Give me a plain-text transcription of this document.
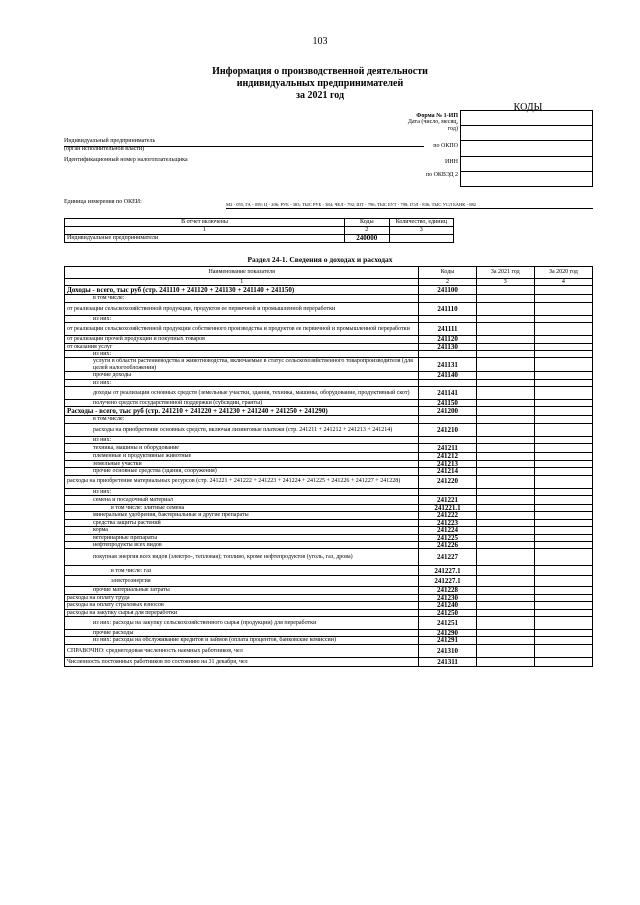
103
Информация о производственной деятельности
индивидуальных предпринимателей
за 2021 год
КОДЫ
Форма № 1-ИП
Дата (число, месяц, год)
по ОКПО
ИНН
по ОКВЭД 2

Индивидуальный предприниматель
(орган исполнительной власти)
Идентификационный номер налогоплательщика
Единица измерения по ОКЕИ:	М2 - 055, ГА - 059; Ц - 206; РУБ - 383; ТЫС РУБ - 384; ЧЕЛ - 792; ШТ - 796; ТЫС БУТ - 798; ГОЛ - 836; ТЫС УСЛ БАНК - 882
В отчет включены	Коды	Количество, единиц
1	2	3
Индивидуальные предприниматели	240000	
Раздел 24-1. Сведения о доходах и расходах
Наименование показателя	Коды	За 2021 год	За 2020 год
1	2	3	4
Доходы - всего, тыс руб (стр. 241110 + 241120 + 241130 + 241140 + 241150)	241100		
в том числе:			
от реализации сельскохозяйственной продукции, продуктов ее первичной и промышленной переработки	241110		
из них:			
от реализации сельскохозяйственной продукции собственного производства и продуктов ее первичной и промышленной переработки	241111		
от реализации прочей продукции и покупных товаров	241120		
от оказания услуг	241130		
из них:			
услуги в области растениеводства и животноводства, включаемые в статус сельскохозяйственного товаропроизводителя (для целей налогообложения)	241131		
прочие доходы	241140		
из них:			
доходы от реализации основных средств (земельные участки, здания, техника, машины, оборудование, продуктивный скот)	241141		
получено средств государственной поддержки (субсидии, гранты)	241150		
Расходы - всего, тыс руб (стр. 241210 + 241220 + 241230 + 241240 + 241250 + 241290)	241200		
в том числе:			
расходы на приобретение основных средств, включая лизинговые платежи (стр. 241211 + 241212 + 241213 + 241214)	241210		
из них:			
техника, машины и оборудование	241211		
племенные и продуктивные животные	241212		
земельные участки	241213		
прочие основные средства (здания, сооружения)	241214		
расходы на приобретение материальных ресурсов (стр. 241221 + 241222 + 241223 + 241224 + 241225 + 241226 + 241227 + 241228)	241220		
из них:			
семена и посадочный материал	241221		
в том числе: элитные семена	241221.1		
минеральные удобрения, бактериальные и другие препараты	241222		
средства защиты растений	241223		
корма	241224		
ветеринарные препараты	241225		
нефтепродукты всех видов	241226		
покупная энергия всех видов (электро-, тепловая); топливо, кроме нефтепродуктов (уголь, газ, дрова)	241227		
в том числе: газ	241227.1		
электроэнергия	241227.1		
прочие материальные затраты	241228		
расходы на оплату труда	241230		
расходы на оплату страховых взносов	241240		
расходы на закупку сырья для переработки	241250		
из них: расходы на закупку сельскохозяйственного сырья (продукции) для переработки	241251		
прочие расходы	241290		
из них: расходы на обслуживание кредитов и займов (оплата процентов, банковские комиссии)	241291		
СПРАВОЧНО: среднегодовая численность наемных работников, чел	241310		
Численность постоянных работников по состоянию на 31 декабря, чел	241311		
